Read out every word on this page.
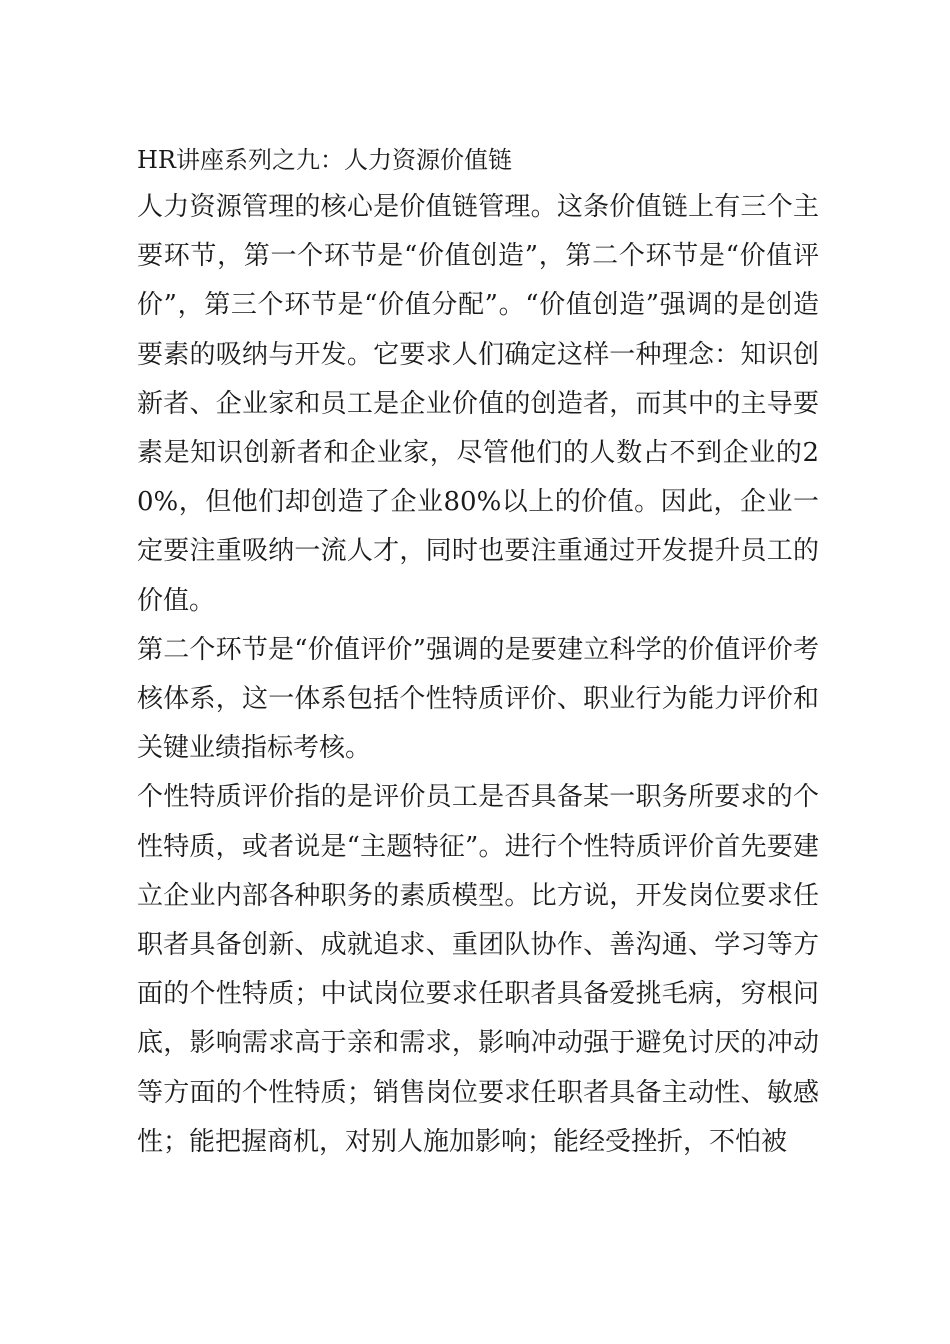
HR讲座系列之九：人力资源价值链

人力资源管理的核心是价值链管理。这条价值链上有三个主要环节，第一个环节是“价值创造”，第二个环节是“价值评价”，第三个环节是“价值分配”。“价值创造”强调的是创造要素的吸纳与开发。它要求人们确定这样一种理念：知识创新者、企业家和员工是企业价值的创造者，而其中的主导要素是知识创新者和企业家，尽管他们的人数占不到企业的20%，但他们却创造了企业80%以上的价值。因此，企业一定要注重吸纳一流人才，同时也要注重通过开发提升员工的价值。

第二个环节是“价值评价”强调的是要建立科学的价值评价考核体系，这一体系包括个性特质评价、职业行为能力评价和关键业绩指标考核。

个性特质评价指的是评价员工是否具备某一职务所要求的个性特质，或者说是“主题特征”。进行个性特质评价首先要建立企业内部各种职务的素质模型。比方说，开发岗位要求任职者具备创新、成就追求、重团队协作、善沟通、学习等方面的个性特质；中试岗位要求任职者具备爱挑毛病，穷根问底，影响需求高于亲和需求，影响冲动强于避免讨厌的冲动等方面的个性特质；销售岗位要求任职者具备主动性、敏感性；能把握商机，对别人施加影响；能经受挫折，不怕被
